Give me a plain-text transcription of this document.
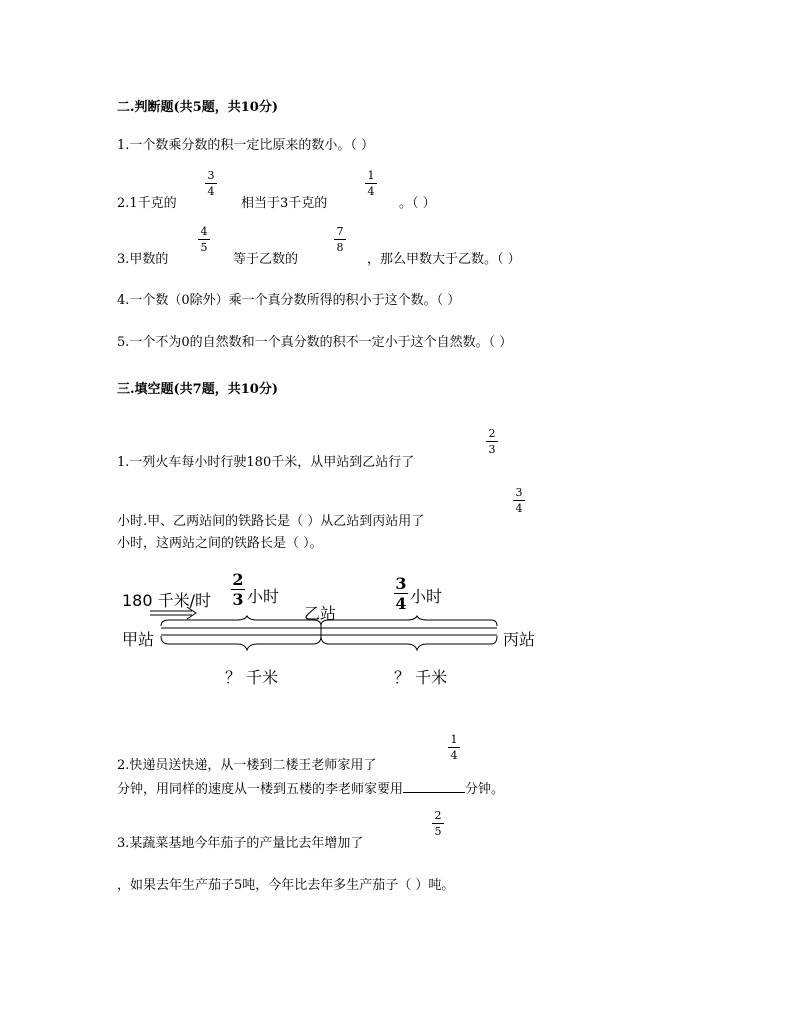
二.判断题(共5题，共10分)
1.一个数乘分数的积一定比原来的数小。（ ）
2.1千克的
3
4
相当于3千克的
1
4
。（ ）
3.甲数的
4
5
等于乙数的
7
8
，那么甲数大于乙数。（ ）
4.一个数（0除外）乘一个真分数所得的积小于这个数。（ ）
5.一个不为0的自然数和一个真分数的积不一定小于这个自然数。（ ）
三.填空题(共7题，共10分)
1.一列火车每小时行驶180千米，从甲站到乙站行了
2
3
3
4
小时.甲、乙两站间的铁路长是（ ）从乙站到丙站用了
小时，这两站之间的铁路长是（ ）。
180 千米/时
2
3 小时
3
4 小时
乙站
甲站	丙站
？ 千米	？ 千米
1
4
2.快递员送快递，从一楼到二楼王老师家用了
分钟，用同样的速度从一楼到五楼的李老师家要用	分钟。
2
5
3.某蔬菜基地今年茄子的产量比去年增加了
，如果去年生产茄子5吨，今年比去年多生产茄子（ ）吨。
